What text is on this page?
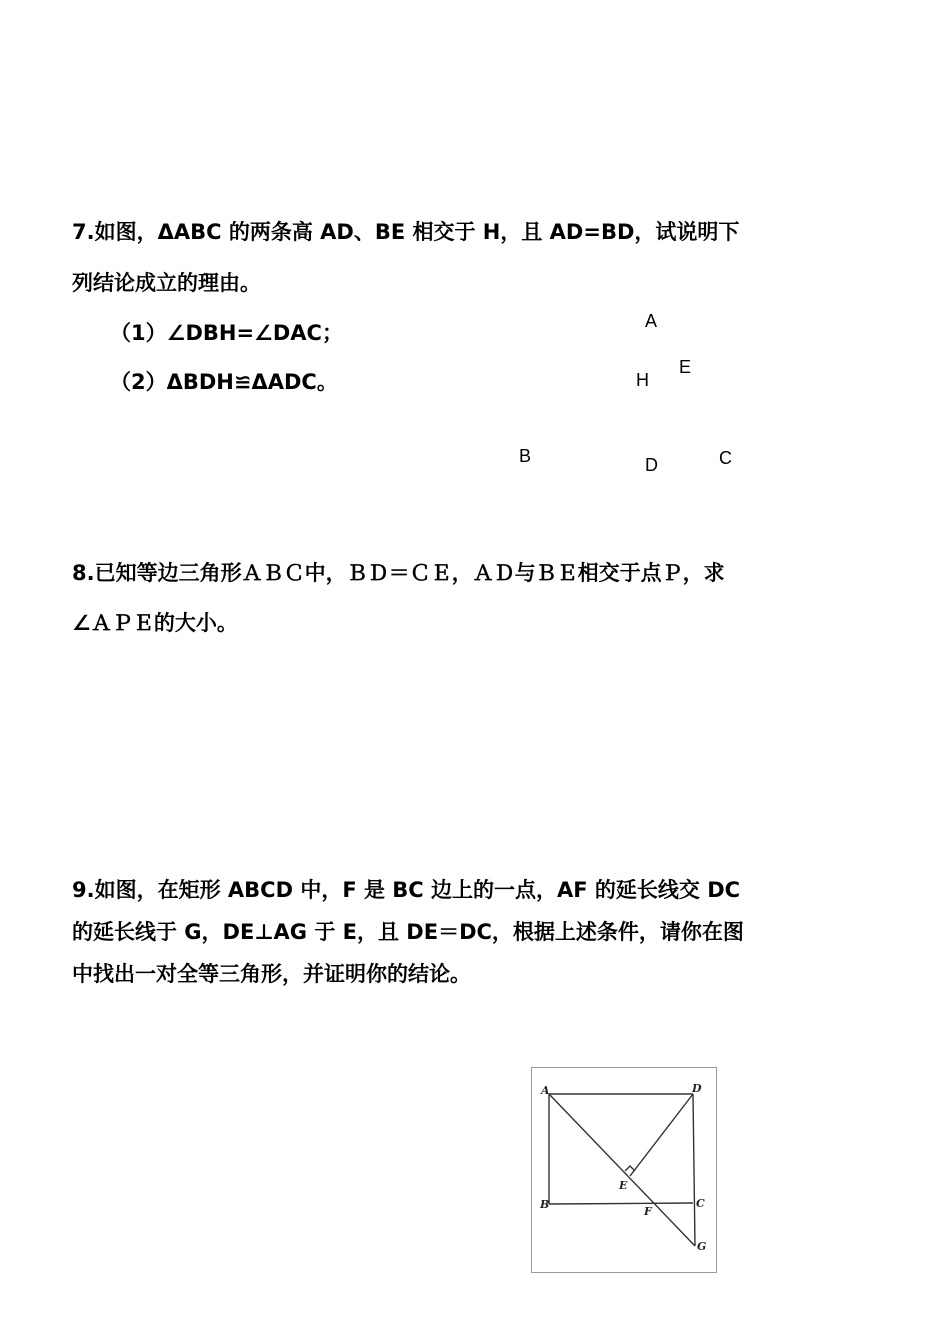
7.如图，ΔABC 的两条高 AD、BE 相交于 H，且 AD=BD，试说明下
列结论成立的理由。
（1）∠DBH=∠DAC；
（2）ΔBDH≌ΔADC。
A
E
H
B	D	C
8.已知等边三角形ＡＢＣ中，ＢＤ＝ＣＥ，ＡＤ与ＢＥ相交于点Ｐ，求
∠ＡＰＥ的大小。
9.如图，在矩形 ABCD 中，F 是 BC 边上的一点，AF 的延长线交 DC
的延长线于 G，DE⊥AG 于 E，且 DE＝DC，根据上述条件，请你在图
中找出一对全等三角形，并证明你的结论。
A	D
E
B	C
F
G
